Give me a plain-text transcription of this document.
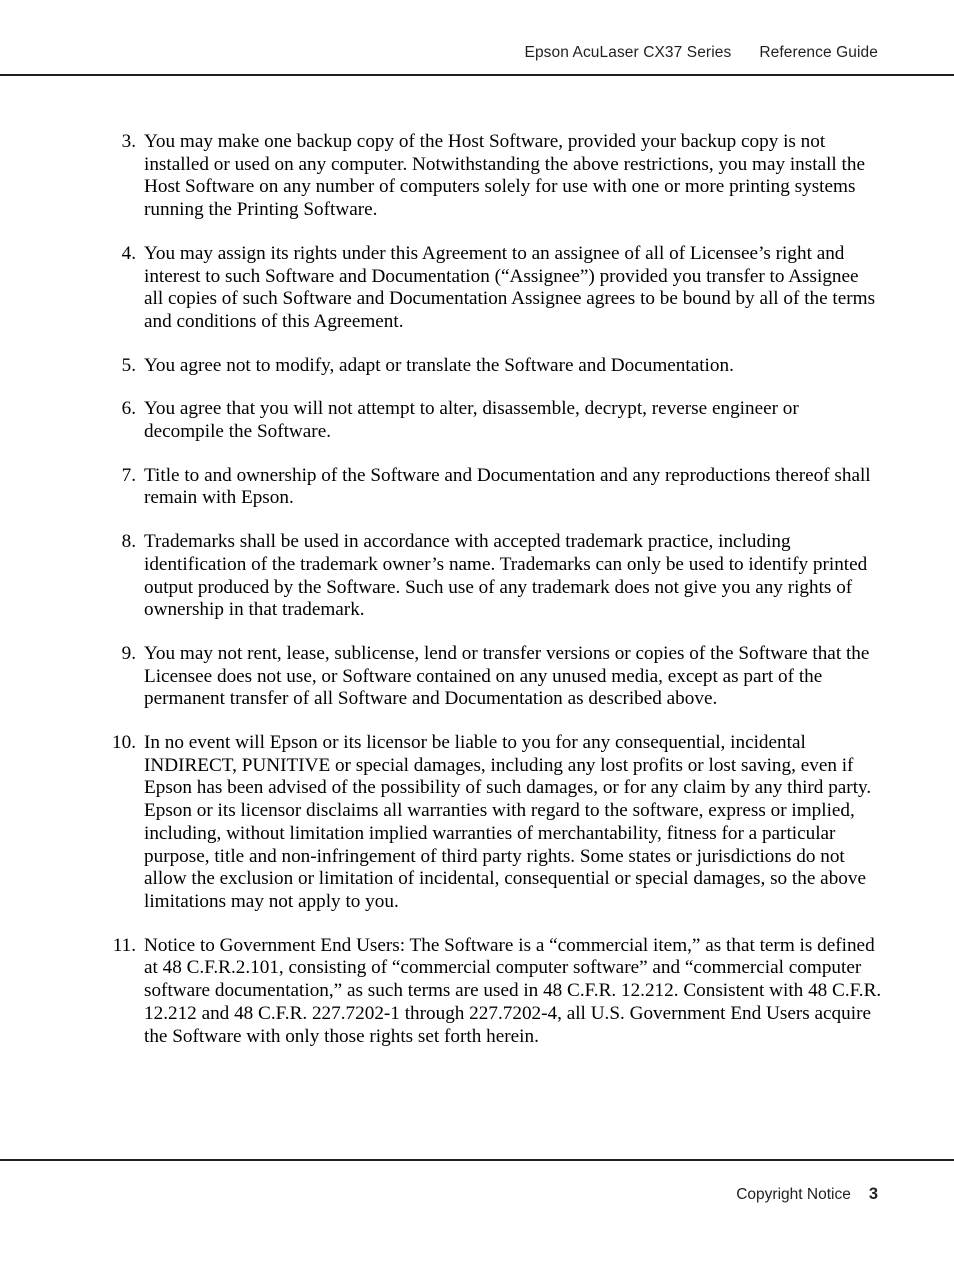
Epson AcuLaser CX37 Series Reference Guide
3. You may make one backup copy of the Host Software, provided your backup copy is not installed or used on any computer. Notwithstanding the above restrictions, you may install the Host Software on any number of computers solely for use with one or more printing systems running the Printing Software.
4. You may assign its rights under this Agreement to an assignee of all of Licensee’s right and interest to such Software and Documentation (“Assignee”) provided you transfer to Assignee all copies of such Software and Documentation Assignee agrees to be bound by all of the terms and conditions of this Agreement.
5. You agree not to modify, adapt or translate the Software and Documentation.
6. You agree that you will not attempt to alter, disassemble, decrypt, reverse engineer or decompile the Software.
7. Title to and ownership of the Software and Documentation and any reproductions thereof shall remain with Epson.
8. Trademarks shall be used in accordance with accepted trademark practice, including identification of the trademark owner’s name. Trademarks can only be used to identify printed output produced by the Software. Such use of any trademark does not give you any rights of ownership in that trademark.
9. You may not rent, lease, sublicense, lend or transfer versions or copies of the Software that the Licensee does not use, or Software contained on any unused media, except as part of the permanent transfer of all Software and Documentation as described above.
10. In no event will Epson or its licensor be liable to you for any consequential, incidental INDIRECT, PUNITIVE or special damages, including any lost profits or lost saving, even if Epson has been advised of the possibility of such damages, or for any claim by any third party. Epson or its licensor disclaims all warranties with regard to the software, express or implied, including, without limitation implied warranties of merchantability, fitness for a particular purpose, title and non-infringement of third party rights. Some states or jurisdictions do not allow the exclusion or limitation of incidental, consequential or special damages, so the above limitations may not apply to you.
11. Notice to Government End Users: The Software is a “commercial item,” as that term is defined at 48 C.F.R.2.101, consisting of “commercial computer software” and “commercial computer software documentation,” as such terms are used in 48 C.F.R. 12.212. Consistent with 48 C.F.R. 12.212 and 48 C.F.R. 227.7202-1 through 227.7202-4, all U.S. Government End Users acquire the Software with only those rights set forth herein.
Copyright Notice 3
